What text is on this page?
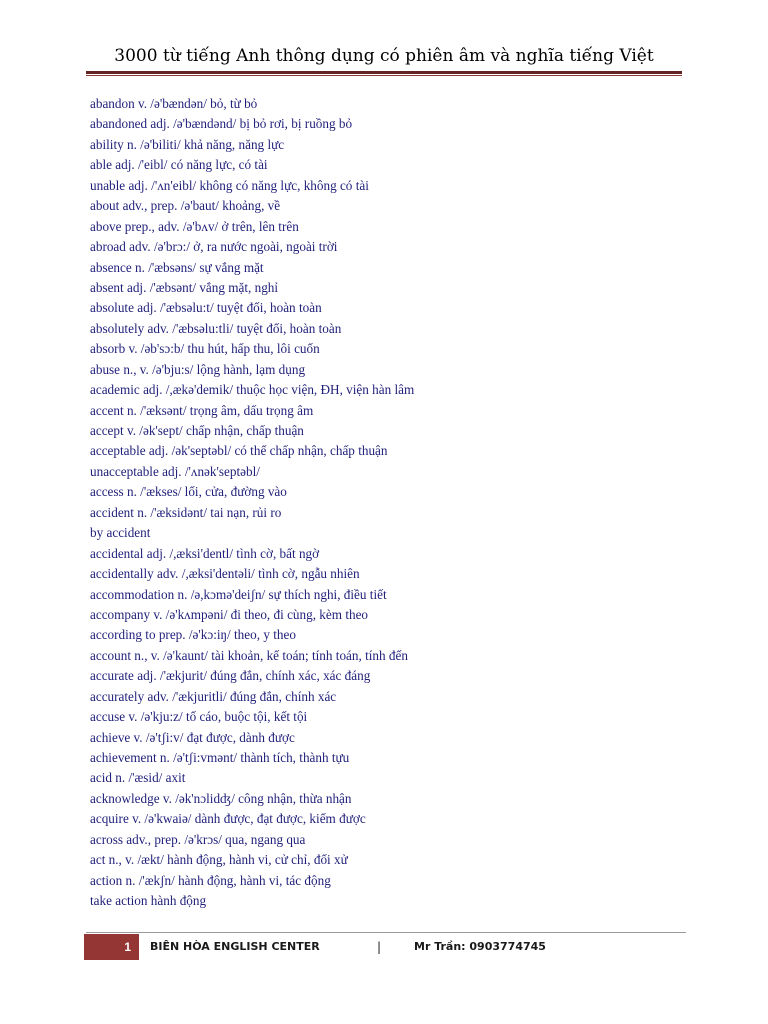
3000 từ tiếng Anh thông dụng có phiên âm và nghĩa tiếng Việt
abandon v. /ə'bændən/ bỏ, từ bỏ
abandoned adj. /ə'bændənd/ bị bỏ rơi, bị ruồng bỏ
ability n. /ə'biliti/ khả năng, năng lực
able adj. /'eibl/ có năng lực, có tài
unable adj. /'ʌn'eibl/ không có năng lực, không có tài
about adv., prep. /ə'baut/ khoảng, về
above prep., adv. /ə'bʌv/ ở trên, lên trên
abroad adv. /ə'brɔ:/ ở, ra nước ngoài, ngoài trời
absence n. /'æbsəns/ sự vắng mặt
absent adj. /'æbsənt/ vắng mặt, nghỉ
absolute adj. /'æbsəlu:t/ tuyệt đối, hoàn toàn
absolutely adv. /'æbsəlu:tli/ tuyệt đối, hoàn toàn
absorb v. /əb'sɔ:b/ thu hút, hấp thu, lôi cuốn
abuse n., v. /ə'bju:s/ lộng hành, lạm dụng
academic adj. /,ækə'demik/ thuộc học viện, ĐH, viện hàn lâm
accent n. /'æksənt/ trọng âm, dấu trọng âm
accept v. /ək'sept/ chấp nhận, chấp thuận
acceptable adj. /ək'septəbl/ có thể chấp nhận, chấp thuận
unacceptable adj. /'ʌnək'septəbl/
access n. /'ækses/ lối, cửa, đường vào
accident n. /'æksidənt/ tai nạn, rủi ro
by accident
accidental adj. /,æksi'dentl/ tình cờ, bất ngờ
accidentally adv. /,æksi'dentəli/ tình cờ, ngẫu nhiên
accommodation n. /ə,kɔmə'deiʃn/ sự thích nghi, điều tiết
accompany v. /ə'kʌmpəni/ đi theo, đi cùng, kèm theo
according to prep. /ə'kɔ:iŋ/ theo, y theo
account n., v. /ə'kaunt/ tài khoản, kế toán; tính toán, tính đến
accurate adj. /'ækjurit/ đúng đắn, chính xác, xác đáng
accurately adv. /'ækjuritli/ đúng đắn, chính xác
accuse v. /ə'kju:z/ tố cáo, buộc tội, kết tội
achieve v. /ə'tʃi:v/ đạt được, dành được
achievement n. /ə'tʃi:vmənt/ thành tích, thành tựu
acid n. /'æsid/ axit
acknowledge v. /ək'nɔlidʤ/ công nhận, thừa nhận
acquire v. /ə'kwaiə/ dành được, đạt được, kiếm được
across adv., prep. /ə'krɔs/ qua, ngang qua
act n., v. /ækt/ hành động, hành vi, cử chỉ, đối xử
action n. /'ækʃn/ hành động, hành vi, tác động
take action hành động
1 BIÊN HÒA ENGLISH CENTER	|	Mr Trần: 0903774745
